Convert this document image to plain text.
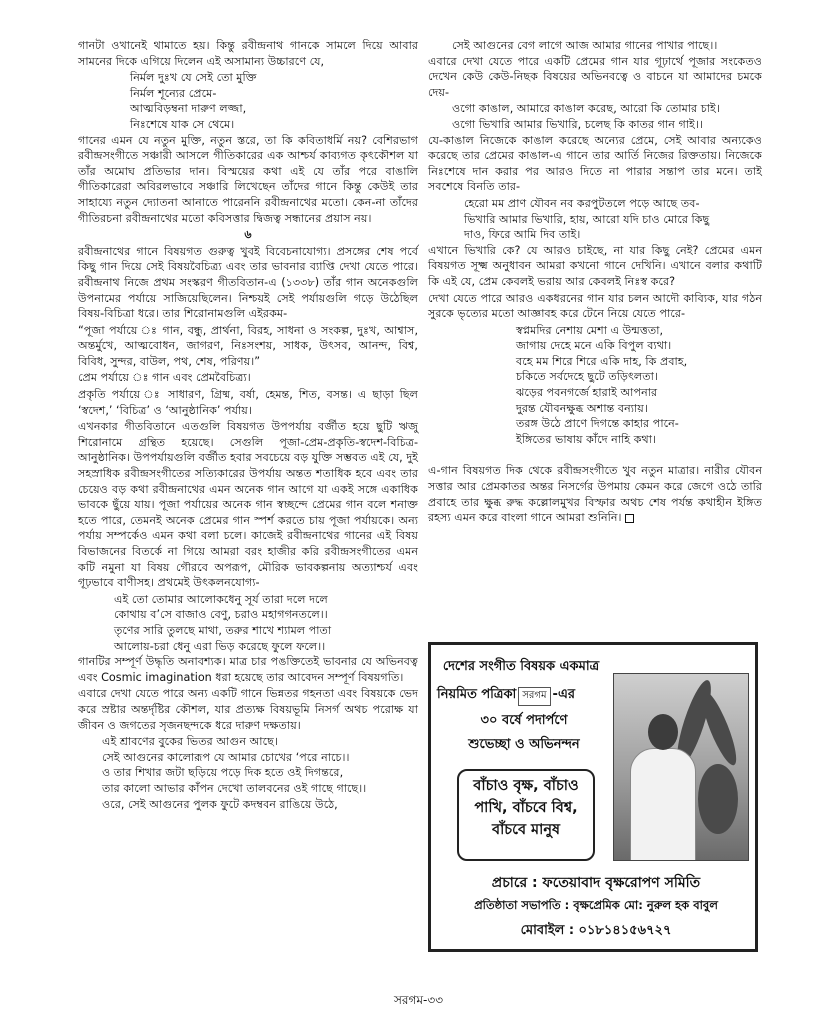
গানটা ওখানেই থামাতে হয়। কিন্তু রবীন্দ্রনাথ গানকে সামলে দিয়ে আবার সামনের দিকে এগিয়ে দিলেন এই অসামান্য উচ্চারণে যে,

নির্মল দুঃখ যে সেই তো মুক্তি

নির্মল শূন্যের প্রেমে-

আত্মবিড়ম্বনা দারুণ লজ্জা,

নিঃশেষে যাক সে থেমে।

গানের এমন যে নতুন মুক্তি, নতুন স্তরে, তা কি কবিতাধর্মি নয়? বেশিরভাগ রবীন্দ্রসংগীতে সঞ্চারী আসলে গীতিকারের এক আশ্চর্য কাব্যগত কৃৎকৌশল যা তাঁর অমোঘ প্রতিভার দান। বিস্ময়ের কথা এই যে তাঁর পরে বাঙালি গীতিকারেরা অবিরলভাবে সঞ্চারি লিখেছেন তাঁদের গানে কিন্তু কেউই তার সাহায্যে নতুন দ্যোতনা আনাতে পারেননি রবীন্দ্রনাথের মতো। কেন-না তাঁদের গীতিরচনা রবীন্দ্রনাথের মতো কবিসত্তার দ্বিজত্ব সন্ধানের প্রয়াস নয়।

৬

রবীন্দ্রনাথের গানে বিষয়গত গুরুত্ব খুবই বিবেচনাযোগ্য। প্রসঙ্গের শেষ পর্বে কিছু গান দিয়ে সেই বিষয়বৈচিত্র্য এবং তার ভাবনার ব্যাপ্তি দেখা যেতে পারে। রবীন্দ্রনাথ নিজে প্রথম সংস্করণ গীতবিতান-এ (১৩৩৮) তাঁর গান অনেকগুলি উপনামের পর্যায়ে সাজিয়েছিলেন। নিশ্চয়ই সেই পর্যায়গুলি গড়ে উঠেছিল বিষয়-বিচিত্রা ধরে। তার শিরোনামগুলি এইরকম-

“পূজা পর্যায়ে ঃ গান, বন্ধু, প্রার্থনা, বিরহ, সাধনা ও সংকল্প, দুঃখ, আশ্বাস, অন্তর্মুখে, আত্মবোধন, জাগরণ, নিঃসংশয়, সাধক, উৎসব, আনন্দ, বিশ্ব, বিবিধ, সুন্দর, বাউল, পথ, শেষ, পরিণয়।”

প্রেম পর্যায়ে ঃ গান এবং প্রেমবৈচিত্র্য।

প্রকৃতি পর্যায়ে ঃ সাধারণ, গ্রিষ্ম, বর্ষা, হেমন্ত, শিত, বসন্ত। এ ছাড়া ছিল ‘স্বদেশ,’ ‘বিচিত্র’ ও ‘আনুষ্ঠানিক’ পর্যায়।

এখনকার গীতবিতানে এতগুলি বিষয়গত উপপর্যায় বর্জীত হয়ে ছুটি ঋজু শিরোনামে গ্রন্থিত হয়েছে। সেগুলি পূজা-প্রেম-প্রকৃতি-স্বদেশ-বিচিত্র-আনুষ্ঠানিক। উপপর্যায়গুলি বর্জীত হবার সবচেয়ে বড় যুক্তি সম্ভবত এই যে, দুই সহস্রাধিক রবীন্দ্রসংগীতের সত্যিকারের উপর্যায় অন্তত শতাধিক হবে এবং তার চেয়েও বড় কথা রবীন্দ্রনাথের এমন অনেক গান আগে যা একই সঙ্গে একাধিক ভাবকে ছুঁয়ে যায়। পূজা পর্যায়ের অনেক গান স্বচ্ছন্দে প্রেমের গান বলে শনাক্ত হতে পারে, তেমনই অনেক প্রেমের গান স্পর্শ করতে চায় পূজা পর্যায়কে। অন্য পর্যায় সম্পর্কেও এমন কথা বলা চলে। কাজেই রবীন্দ্রনাথের গানের এই বিষয় বিভাজনের বিতর্কে না গিয়ে আমরা বরং হাজীর করি রবীন্দ্রসংগীতের এমন কটি নমুনা যা বিষয় গৌরবে অপরূপ, মৌরিক ভাবকল্পনায় অত্যাশ্চর্য এবং গূঢ়ভাবে বাণীসহ। প্রথমেই উৎকলনযোগ্য-

এই তো তোমার আলোকধেনু সূর্য তারা দলে দলে

কোথায় ব’সে বাজাও বেণু, চরাও মহাগগনতলে।।

তৃণের সারি তুলছে মাথা, তরুর শাখে শ্যামল পাতা

আলোয়-চরা ধেনু এরা ভিড় করেছে ফুলে ফলে।।

গানটির সম্পূর্ণ উদ্ধৃতি অনাবশ্যক। মাত্র চার পঙক্তিতেই ভাবনার যে অভিনবত্ব এবং Cosmic imagination ধরা হয়েছে তার আবেদন সম্পূর্ণ বিষয়গতি।

এবারে দেখা যেতে পারে অন্য একটি গানে ভিন্নতর গহনতা এবং বিষয়কে ভেদ করে স্রষ্টার অন্তর্দৃষ্টির কৌশল, যার প্রত্যক্ষ বিষয়ভূমি নিসর্গ অথচ পরোক্ষ যা জীবন ও জগতের সৃজনছন্দকে ধরে দারুণ দক্ষতায়।

এই শ্রাবণের বুকের ভিতর আগুন আছে।

সেই আগুনের কালোরূপ যে আমার চোখের ‘পরে নাচে।।

ও তার শিখার জটা ছড়িয়ে পড়ে দিক হতে ওই দিগন্তরে,

তার কালো আভার কাঁপন দেখো তালবনের ওই গাছে গাছে।।

ওরে, সেই আগুনের পুলক ফুটে কদম্ববন রাঙিয়ে উঠে,

সেই আগুনের বেগ লাগে আজ আমার গানের পাখার পাছে।।

এবারে দেখা যেতে পারে একটি প্রেমের গান যার গূঢ়ার্থে পূজার সংকেতও দেখেন কেউ কেউ-নিছক বিষয়ের অভিনবত্বে ও বাচনে যা আমাদের চমকে দেয়-

ওগো কাঙাল, আমারে কাঙাল করেছ, আরো কি তোমার চাই।

ওগো ভিখারি আমার ভিখারি, চলেছ কি কাতর গান গাই।।

যে-কাঙাল নিজেকে কাঙাল করেছে অন্যের প্রেমে, সেই আবার অন্যকেও করেছে তার প্রেমের কাঙাল-এ গানে তার আর্তি নিজের রিক্ততায়। নিজেকে নিঃশেষে দান করার পর আরও দিতে না পারার সন্তাপ তার মনে। তাই সবশেষে বিনতি তার-

হেরো মম প্রাণ যৌবন নব করপুটতলে পড়ে আছে তব-

ভিখারি আমার ভিখারি, হায়, আরো যদি চাও মোরে কিছু

দাও, ফিরে আমি দিব তাই।

এখানে ভিখারি কে? যে আরও চাইছে, না যার কিছু নেই? প্রেমের এমন বিষয়গত সূক্ষ্ম অনুধাবন আমরা কখনো গানে দেখিনি। এখানে বলার কথাটি কি এই যে, প্রেম কেবলই ভরায় আর কেবলই নিঃস্ব করে?

দেখা যেতে পারে আরও একধরনের গান যার চলন আদৌ কাব্যিক, যার গঠন সুরকে ভৃত্যের মতো আজ্ঞাবহ করে টেনে নিয়ে যেতে পারে-

স্বপ্নমদির নেশায় মেশা এ উন্মত্ততা,

জাগায় দেহে মনে একি বিপুল ব্যথা।

বহে মম শিরে শিরে একি দাহ, কি প্রবাহ,

চকিতে সর্বদেহে ছুটে তড়িৎলতা।

ঝড়ের পবনগর্জে হারাই আপনার

দুরন্ত যৌবনক্ষুব্ধ অশান্ত বন্যায়।

তরঙ্গ উঠে প্রাণে দিগন্তে কাহার পানে-

ইঙ্গিতের ভাষায় কাঁদে নাহি কথা।

এ-গান বিষয়গত দিক থেকে রবীন্দ্রসংগীতে খুব নতুন মাত্রার। নারীর যৌবন সত্তার আর প্রেমকাতর অন্তর নিসর্গের উপমায় কেমন করে জেগে ওঠে তারি প্রবাহে তার ক্ষুব্ধ রুদ্ধ কল্লোলমুখর বিস্ফার অথচ শেষ পর্যন্ত কথাহীন ইঙ্গিত রহস্য এমন করে বাংলা গানে আমরা শুনিনি।

দেশের সংগীত বিষয়ক একমাত্র
নিয়মিত পত্রিকা সরগম -এর
৩০ বর্ষে পদার্পণে
শুভেচ্ছা ও অভিনন্দন
বাঁচাও বৃক্ষ, বাঁচাও
পাখি, বাঁচবে বিশ্ব,
বাঁচবে মানুষ
প্রচারে : ফতেয়াবাদ বৃক্ষরোপণ সমিতি
প্রতিষ্ঠাতা সভাপতি : বৃক্ষপ্রেমিক মো: নুরুল হক বাবুল
মোবাইল : ০১৮১৪১৫৬৭২৭
সরগম-৩৩
